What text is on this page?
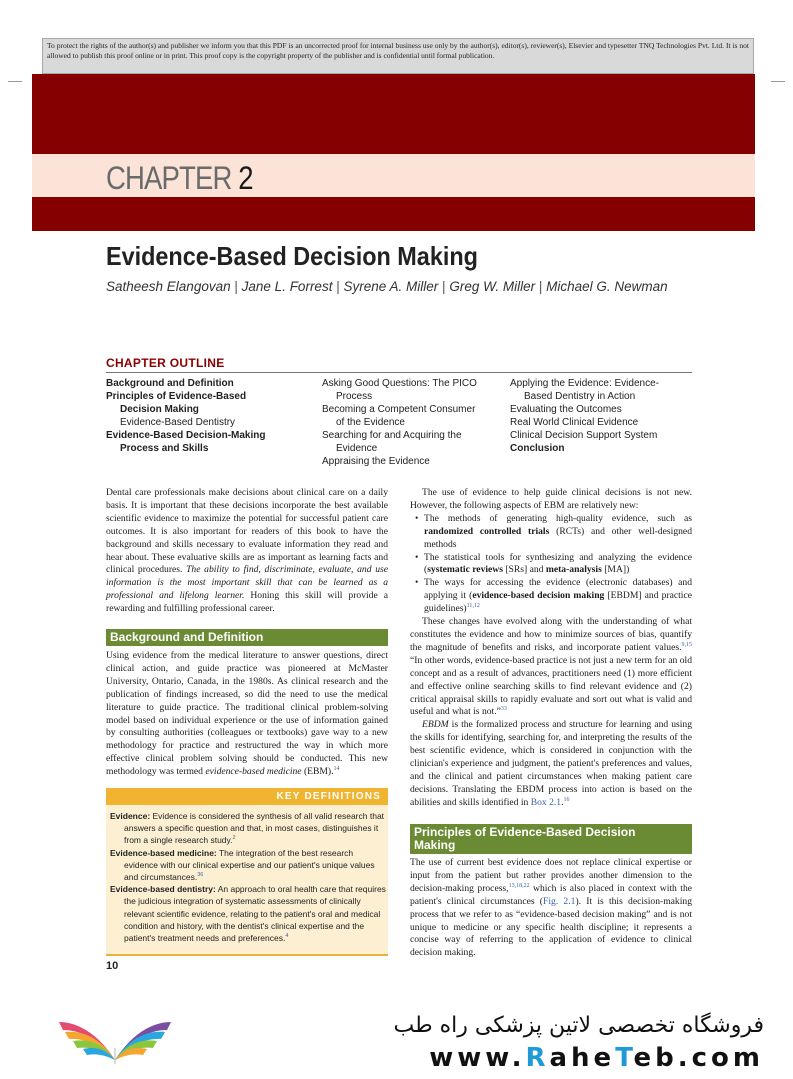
To protect the rights of the author(s) and publisher we inform you that this PDF is an uncorrected proof for internal business use only by the author(s), editor(s), reviewer(s), Elsevier and typesetter TNQ Technologies Pvt. Ltd. It is not allowed to publish this proof online or in print. This proof copy is the copyright property of the publisher and is confidential until formal publication.
CHAPTER 2
Evidence-Based Decision Making
Satheesh Elangovan | Jane L. Forrest | Syrene A. Miller | Greg W. Miller | Michael G. Newman
CHAPTER OUTLINE
Background and Definition
Principles of Evidence-Based
Decision Making
Evidence-Based Dentistry
Evidence-Based Decision-Making
Process and Skills
Asking Good Questions: The PICO
Process
Becoming a Competent Consumer
of the Evidence
Searching for and Acquiring the
Evidence
Appraising the Evidence
Applying the Evidence: Evidence-
Based Dentistry in Action
Evaluating the Outcomes
Real World Clinical Evidence
Clinical Decision Support System
Conclusion

Dental care professionals make decisions about clinical care on a daily basis. It is important that these decisions incorporate the best available scientific evidence to maximize the potential for successful patient care outcomes. It is also important for readers of this book to have the background and skills necessary to evaluate information they read and hear about. These evaluative skills are as important as learning facts and clinical procedures. The ability to find, discriminate, evaluate, and use information is the most important skill that can be learned as a professional and lifelong learner. Honing this skill will provide a rewarding and fulfilling professional career.

Background and Definition

Using evidence from the medical literature to answer questions, direct clinical action, and guide practice was pioneered at McMaster University, Ontario, Canada, in the 1980s. As clinical research and the publication of findings increased, so did the need to use the medical literature to guide practice. The traditional clinical problem-solving model based on individual experience or the use of information gained by consulting authorities (colleagues or textbooks) gave way to a new methodology for practice and restructured the way in which more effective clinical problem solving should be conducted. This new methodology was termed evidence-based medicine (EBM).$^{14}$

KEY DEFINITIONS

Evidence: Evidence is considered the synthesis of all valid research that answers a specific question and that, in most cases, distinguishes it from a single research study.$^2$

Evidence-based medicine: The integration of the best research evidence with our clinical expertise and our patient's unique values and circumstances.$^{36}$

Evidence-based dentistry: An approach to oral health care that requires the judicious integration of systematic assessments of clinically relevant scientific evidence, relating to the patient's oral and medical condition and history, with the dentist's clinical expertise and the patient's treatment needs and preferences.$^4$

10

The use of evidence to help guide clinical decisions is not new. However, the following aspects of EBM are relatively new:

• The methods of generating high-quality evidence, such as randomized controlled trials (RCTs) and other well-designed methods
• The statistical tools for synthesizing and analyzing the evidence (systematic reviews [SRs] and meta-analysis [MA])
• The ways for accessing the evidence (electronic databases) and applying it (evidence-based decision making [EBDM] and practice guidelines)$^{11,12}$

These changes have evolved along with the understanding of what constitutes the evidence and how to minimize sources of bias, quantify the magnitude of benefits and risks, and incorporate patient values.$^{9,15}$ “In other words, evidence-based practice is not just a new term for an old concept and as a result of advances, practitioners need (1) more efficient and effective online searching skills to find relevant evidence and (2) critical appraisal skills to rapidly evaluate and sort out what is valid and useful and what is not.”$^{33}$

EBDM is the formalized process and structure for learning and using the skills for identifying, searching for, and interpreting the results of the best scientific evidence, which is considered in conjunction with the clinician's experience and judgment, the patient's preferences and values, and the clinical and patient circumstances when making patient care decisions. Translating the EBDM process into action is based on the abilities and skills identified in Box 2.1.16

Principles of Evidence-Based Decision
Making

The use of current best evidence does not replace clinical expertise or input from the patient but rather provides another dimension to the decision-making process,$^{13,18,22}$ which is also placed in context with the patient's clinical circumstances (Fig. 2.1). It is this decision-making process that we refer to as “evidence-based decision making” and is not unique to medicine or any specific health discipline; it represents a concise way of referring to the application of evidence to clinical decision making.

فروشگاه تخصصی لاتین پزشکی راه طب
www.RaheTeb.com
